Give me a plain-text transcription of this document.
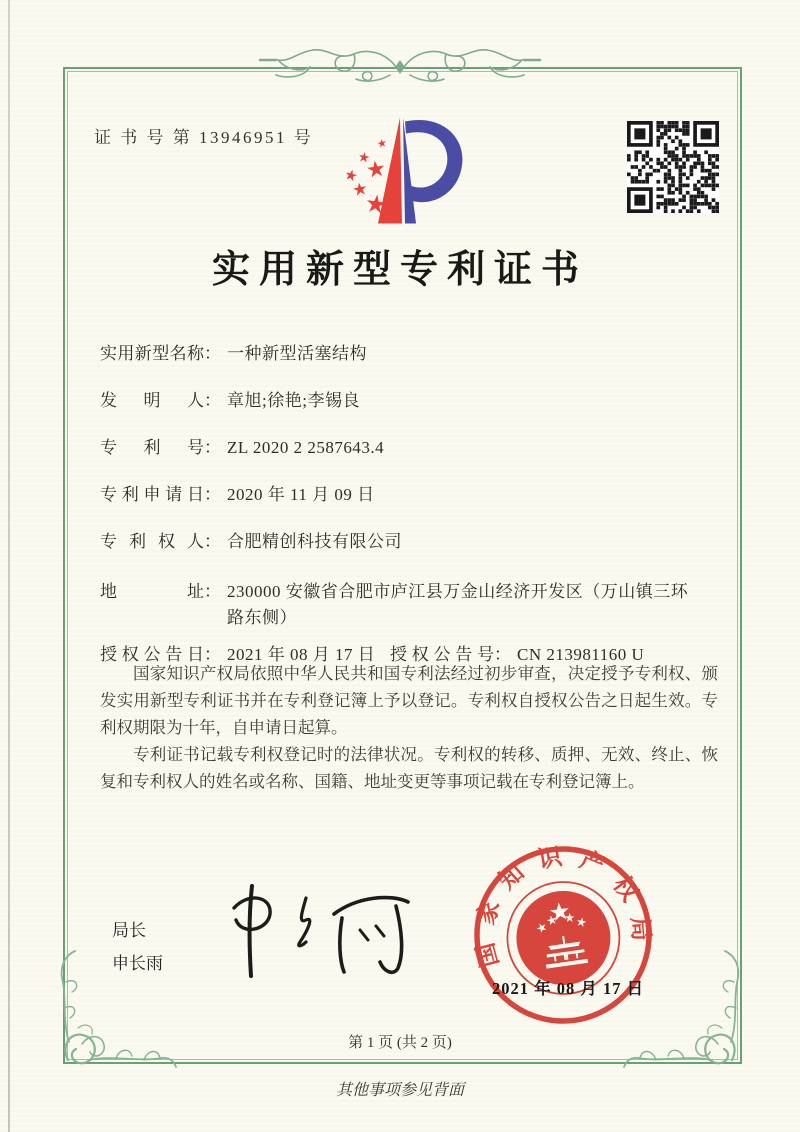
证 书 号 第 13946951 号
实用新型专利证书
实用新型名称： 一种新型活塞结构
发明人： 章旭;徐艳;李锡良
专利号： ZL 2020 2 2587643.4
专利申请日： 2020 年 11 月 09 日
专利权人： 合肥精创科技有限公司
地址： 230000 安徽省合肥市庐江县万金山经济开发区（万山镇三环路东侧）
授权公告日： 2021 年 08 月 17 日 授权公告号： CN 213981160 U

国家知识产权局依照中华人民共和国专利法经过初步审查，决定授予专利权、颁发实用新型专利证书并在专利登记簿上予以登记。专利权自授权公告之日起生效。专利权期限为十年，自申请日起算。

专利证书记载专利权登记时的法律状况。专利权的转移、质押、无效、终止、恢复和专利权人的姓名或名称、国籍、地址变更等事项记载在专利登记簿上。

局长
申长雨	国家知识产权局
2021 年 08 月 17 日
第 1 页 (共 2 页)
其他事项参见背面
